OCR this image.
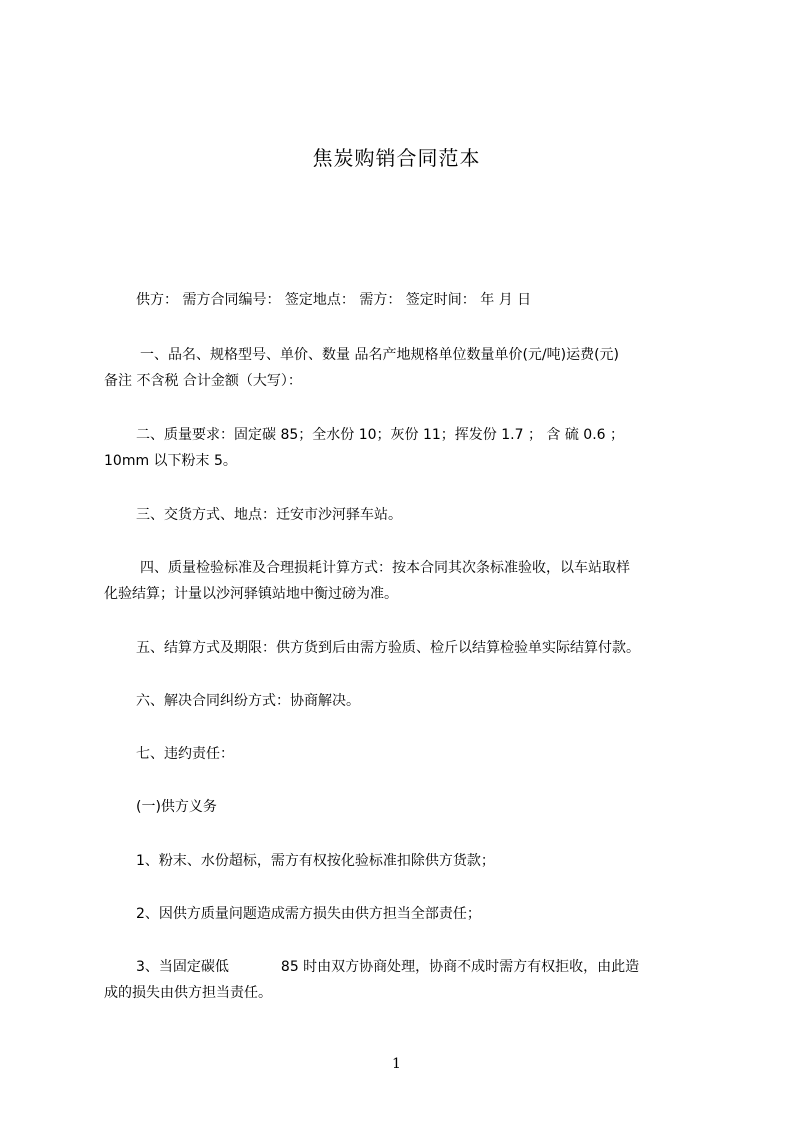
焦炭购销合同范本
供方： 需方合同编号： 签定地点： 需方： 签定时间： 年 月 日
一、品名、规格型号、单价、数量 品名产地规格单位数量单价(元/吨)运费(元)
备注 不含税 合计金额（大写）：
二、质量要求：固定碳 85；全水份 10；灰份 11；挥发份 1.7 ； 含 硫 0.6 ；
10mm 以下粉末 5。
三、交货方式、地点：迁安市沙河驿车站。
四、质量检验标准及合理损耗计算方式：按本合同其次条标准验收，以车站取样
化验结算；计量以沙河驿镇站地中衡过磅为准。
五、结算方式及期限：供方货到后由需方验质、检斤以结算检验单实际结算付款。
六、解决合同纠纷方式：协商解决。
七、违约责任：
(一)供方义务
1、粉末、水份超标，需方有权按化验标准扣除供方货款；
2、因供方质量问题造成需方损失由供方担当全部责任；
3、当固定碳低	85 时由双方协商处理，协商不成时需方有权拒收，由此造
成的损失由供方担当责任。
1
